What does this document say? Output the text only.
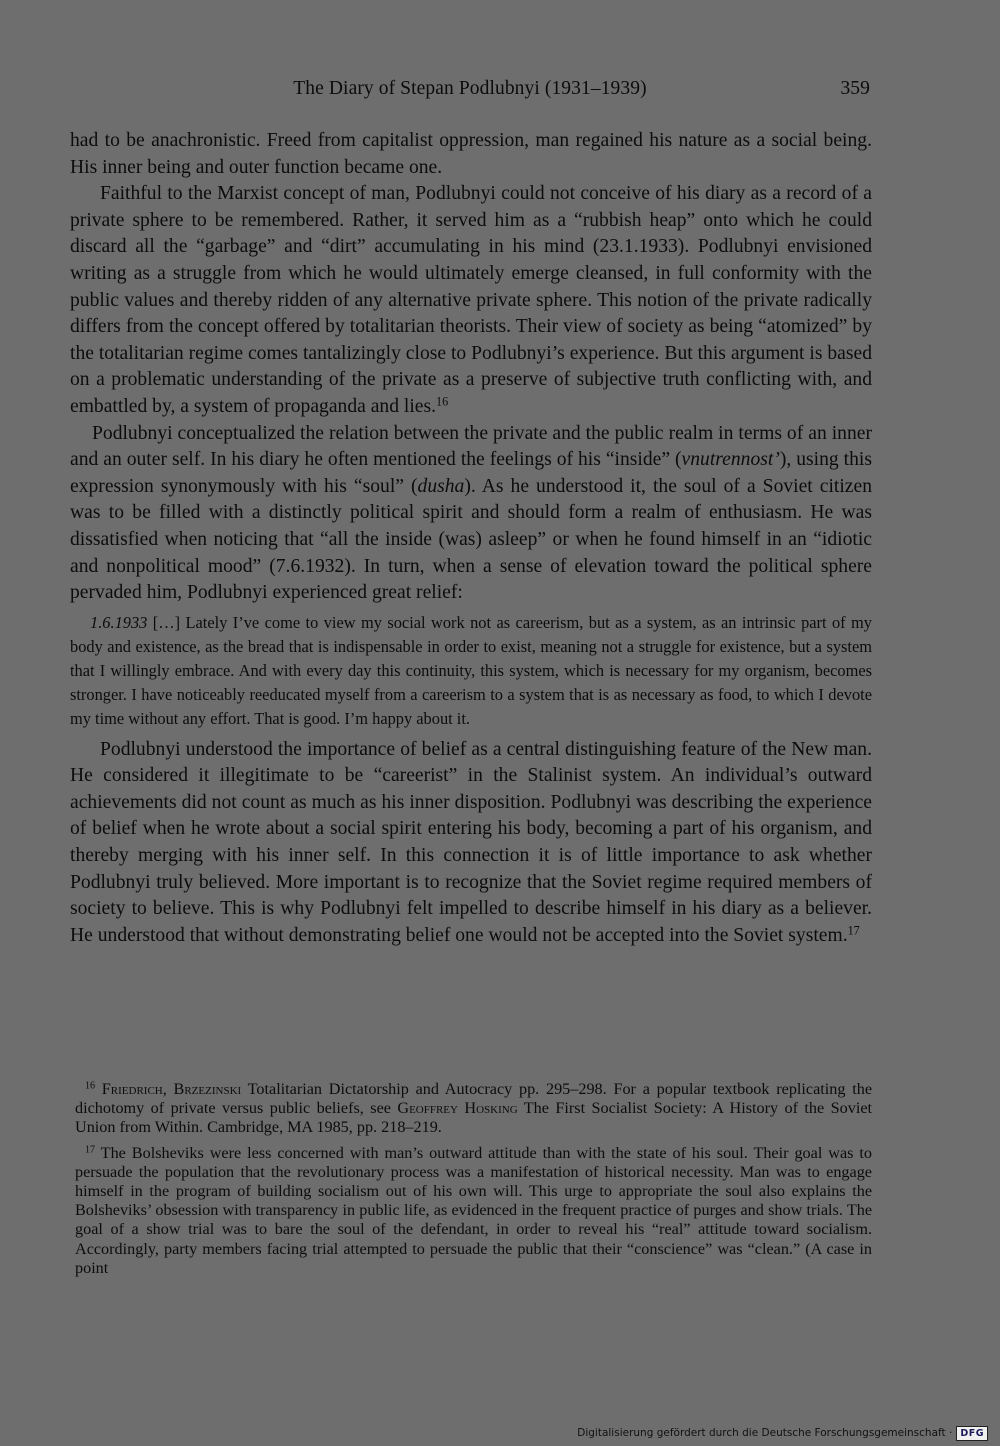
The Diary of Stepan Podlubnyi (1931–1939)	359

had to be anachronistic. Freed from capitalist oppression, man regained his nature as a social being. His inner being and outer function became one.

Faithful to the Marxist concept of man, Podlubnyi could not conceive of his diary as a record of a private sphere to be remembered. Rather, it served him as a “rubbish heap” onto which he could discard all the “garbage” and “dirt” accumulating in his mind (23.1.1933). Podlubnyi envisioned writing as a struggle from which he would ultimately emerge cleansed, in full conformity with the public values and thereby ridden of any alternative private sphere. This notion of the private radically differs from the concept offered by totalitarian theorists. Their view of society as being “atomized” by the totalitarian regime comes tantalizingly close to Podlubnyi’s experience. But this argument is based on a problematic understanding of the private as a preserve of subjective truth conflicting with, and embattled by, a system of propaganda and lies.$^{16}$

Podlubnyi conceptualized the relation between the private and the public realm in terms of an inner and an outer self. In his diary he often mentioned the feelings of his “inside” (vnutrennost’), using this expression synonymously with his “soul” (dusha). As he understood it, the soul of a Soviet citizen was to be filled with a distinctly political spirit and should form a realm of enthusiasm. He was dissatisfied when noticing that “all the inside (was) asleep” or when he found himself in an “idiotic and nonpolitical mood” (7.6.1932). In turn, when a sense of elevation toward the political sphere pervaded him, Podlubnyi experienced great relief:

1.6.1933 […] Lately I’ve come to view my social work not as careerism, but as a system, as an intrinsic part of my body and existence, as the bread that is indispensable in order to exist, meaning not a struggle for existence, but a system that I willingly embrace. And with every day this continuity, this system, which is necessary for my organism, becomes stronger. I have noticeably reeducated myself from a careerism to a system that is as necessary as food, to which I devote my time without any effort. That is good. I’m happy about it.

Podlubnyi understood the importance of belief as a central distinguishing feature of the New man. He considered it illegitimate to be “careerist” in the Stalinist system. An individual’s outward achievements did not count as much as his inner disposition. Podlubnyi was describing the experience of belief when he wrote about a social spirit entering his body, becoming a part of his organism, and thereby merging with his inner self. In this connection it is of little importance to ask whether Podlubnyi truly believed. More important is to recognize that the Soviet regime required members of society to believe. This is why Podlubnyi felt impelled to describe himself in his diary as a believer. He understood that without demonstrating belief one would not be accepted into the Soviet system.$^{17}$

$^{16}$ Friedrich, Brzezinski Totalitarian Dictatorship and Autocracy pp. 295–298. For a popular textbook replicating the dichotomy of private versus public beliefs, see Geoffrey Hosking The First Socialist Society: A History of the Soviet Union from Within. Cambridge, MA 1985, pp. 218–219.

$^{17}$ The Bolsheviks were less concerned with man’s outward attitude than with the state of his soul. Their goal was to persuade the population that the revolutionary process was a manifestation of historical necessity. Man was to engage himself in the program of building socialism out of his own will. This urge to appropriate the soul also explains the Bolsheviks’ obsession with transparency in public life, as evidenced in the frequent practice of purges and show trials. The goal of a show trial was to bare the soul of the defendant, in order to reveal his “real” attitude toward socialism. Accordingly, party members facing trial attempted to persuade the public that their “conscience” was “clean.” (A case in point

Digitalisierung gefördert durch die Deutsche Forschungsgemeinschaft · DFG
